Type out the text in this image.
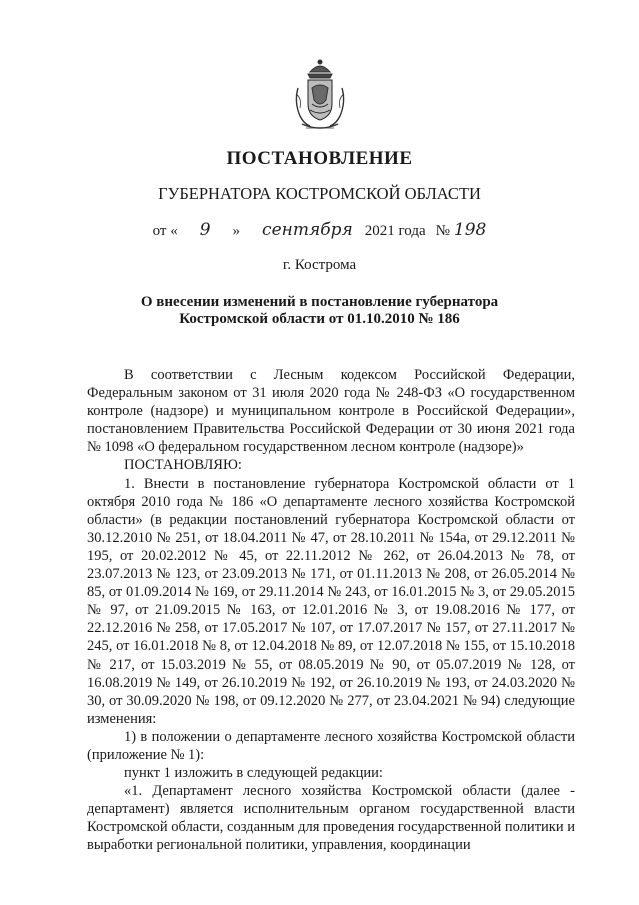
ПОСТАНОВЛЕНИЕ
ГУБЕРНАТОРА КОСТРОМСКОЙ ОБЛАСТИ
от « 9 » сентября 2021 года № 198
г. Кострома
О внесении изменений в постановление губернатора
Костромской области от 01.10.2010 № 186

В соответствии с Лесным кодексом Российской Федерации, Федеральным законом от 31 июля 2020 года № 248-ФЗ «О государственном контроле (надзоре) и муниципальном контроле в Российской Федерации», постановлением Правительства Российской Федерации от 30 июня 2021 года № 1098 «О федеральном государственном лесном контроле (надзоре)»

ПОСТАНОВЛЯЮ:

1. Внести в постановление губернатора Костромской области от 1 октября 2010 года № 186 «О департаменте лесного хозяйства Костромской области» (в редакции постановлений губернатора Костромской области от 30.12.2010 № 251, от 18.04.2011 № 47, от 28.10.2011 № 154а, от 29.12.2011 № 195, от 20.02.2012 № 45, от 22.11.2012 № 262, от 26.04.2013 № 78, от 23.07.2013 № 123, от 23.09.2013 № 171, от 01.11.2013 № 208, от 26.05.2014 № 85, от 01.09.2014 № 169, от 29.11.2014 № 243, от 16.01.2015 № 3, от 29.05.2015 № 97, от 21.09.2015 № 163, от 12.01.2016 № 3, от 19.08.2016 № 177, от 22.12.2016 № 258, от 17.05.2017 № 107, от 17.07.2017 № 157, от 27.11.2017 № 245, от 16.01.2018 № 8, от 12.04.2018 № 89, от 12.07.2018 № 155, от 15.10.2018 № 217, от 15.03.2019 № 55, от 08.05.2019 № 90, от 05.07.2019 № 128, от 16.08.2019 № 149, от 26.10.2019 № 192, от 26.10.2019 № 193, от 24.03.2020 № 30, от 30.09.2020 № 198, от 09.12.2020 № 277, от 23.04.2021 № 94) следующие изменения:

1) в положении о департаменте лесного хозяйства Костромской области (приложение № 1):

пункт 1 изложить в следующей редакции:

«1. Департамент лесного хозяйства Костромской области (далее - департамент) является исполнительным органом государственной власти Костромской области, созданным для проведения государственной политики и выработки региональной политики, управления, координации
